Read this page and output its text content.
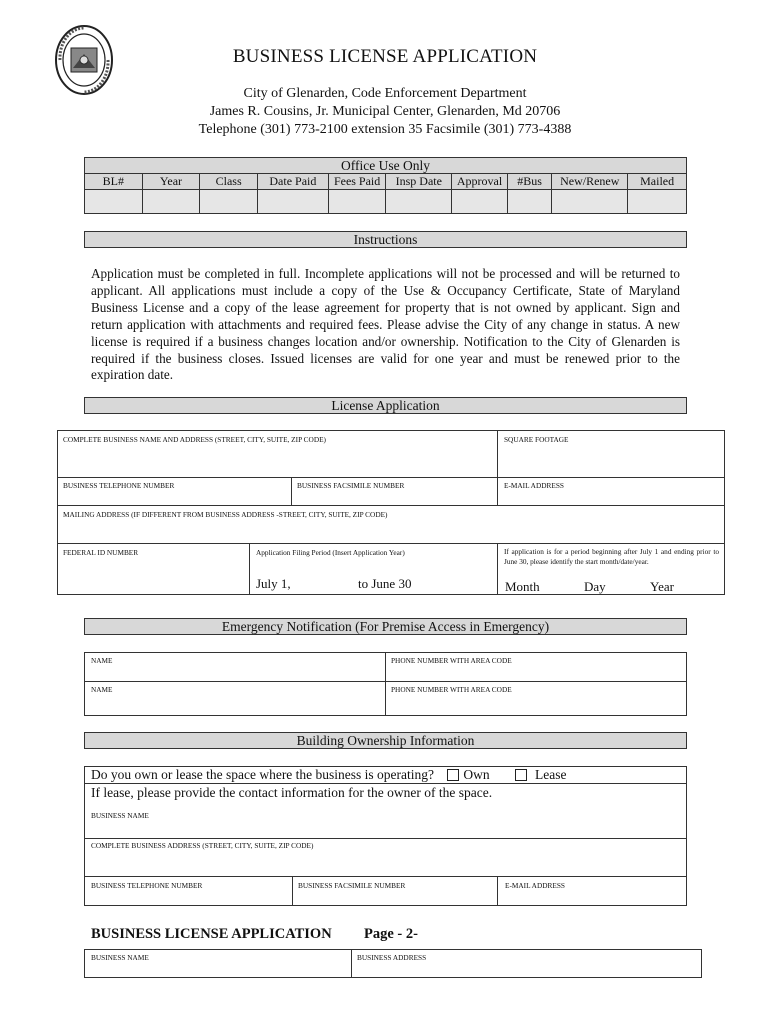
BUSINESS LICENSE APPLICATION
City of Glenarden, Code Enforcement Department
James R. Cousins, Jr. Municipal Center, Glenarden, Md 20706
Telephone (301) 773-2100 extension 35 Facsimile (301) 773-4388
Office Use Only
BL#	Year	Class	Date Paid	Fees Paid	Insp Date	Approval	#Bus	New/Renew	Mailed

Instructions
Application must be completed in full. Incomplete applications will not be processed and will be returned to applicant. All applications must include a copy of the Use & Occupancy Certificate, State of Maryland Business License and a copy of the lease agreement for property that is not owned by applicant. Sign and return application with attachments and required fees. Please advise the City of any change in status. A new license is required if a business changes location and/or ownership. Notification to the City of Glenarden is required if the business closes. Issued licenses are valid for one year and must be renewed prior to the expiration date.
License Application
COMPLETE BUSINESS NAME AND ADDRESS (STREET, CITY, SUITE, ZIP CODE)	SQUARE FOOTAGE
BUSINESS TELEPHONE NUMBER	BUSINESS FACSIMILE NUMBER	E-MAIL ADDRESS
MAILING ADDRESS (IF DIFFERENT FROM BUSINESS ADDRESS -STREET, CITY, SUITE, ZIP CODE)
FEDERAL ID NUMBER	Application Filing Period (Insert Application Year)
July 1,	to June 30
If application is for a period beginning after July 1 and ending prior to June 30, please identify the start month/date/year.
Month	Day	Year
Emergency Notification (For Premise Access in Emergency)
NAME	PHONE NUMBER WITH AREA CODE
NAME	PHONE NUMBER WITH AREA CODE
Building Ownership Information
Do you own or lease the space where the business is operating? Own	Lease
If lease, please provide the contact information for the owner of the space.
BUSINESS NAME
COMPLETE BUSINESS ADDRESS (STREET, CITY, SUITE, ZIP CODE)
BUSINESS TELEPHONE NUMBER	BUSINESS FACSIMILE NUMBER	E-MAIL ADDRESS
BUSINESS LICENSE APPLICATION Page - 2-
BUSINESS NAME	BUSINESS ADDRESS
